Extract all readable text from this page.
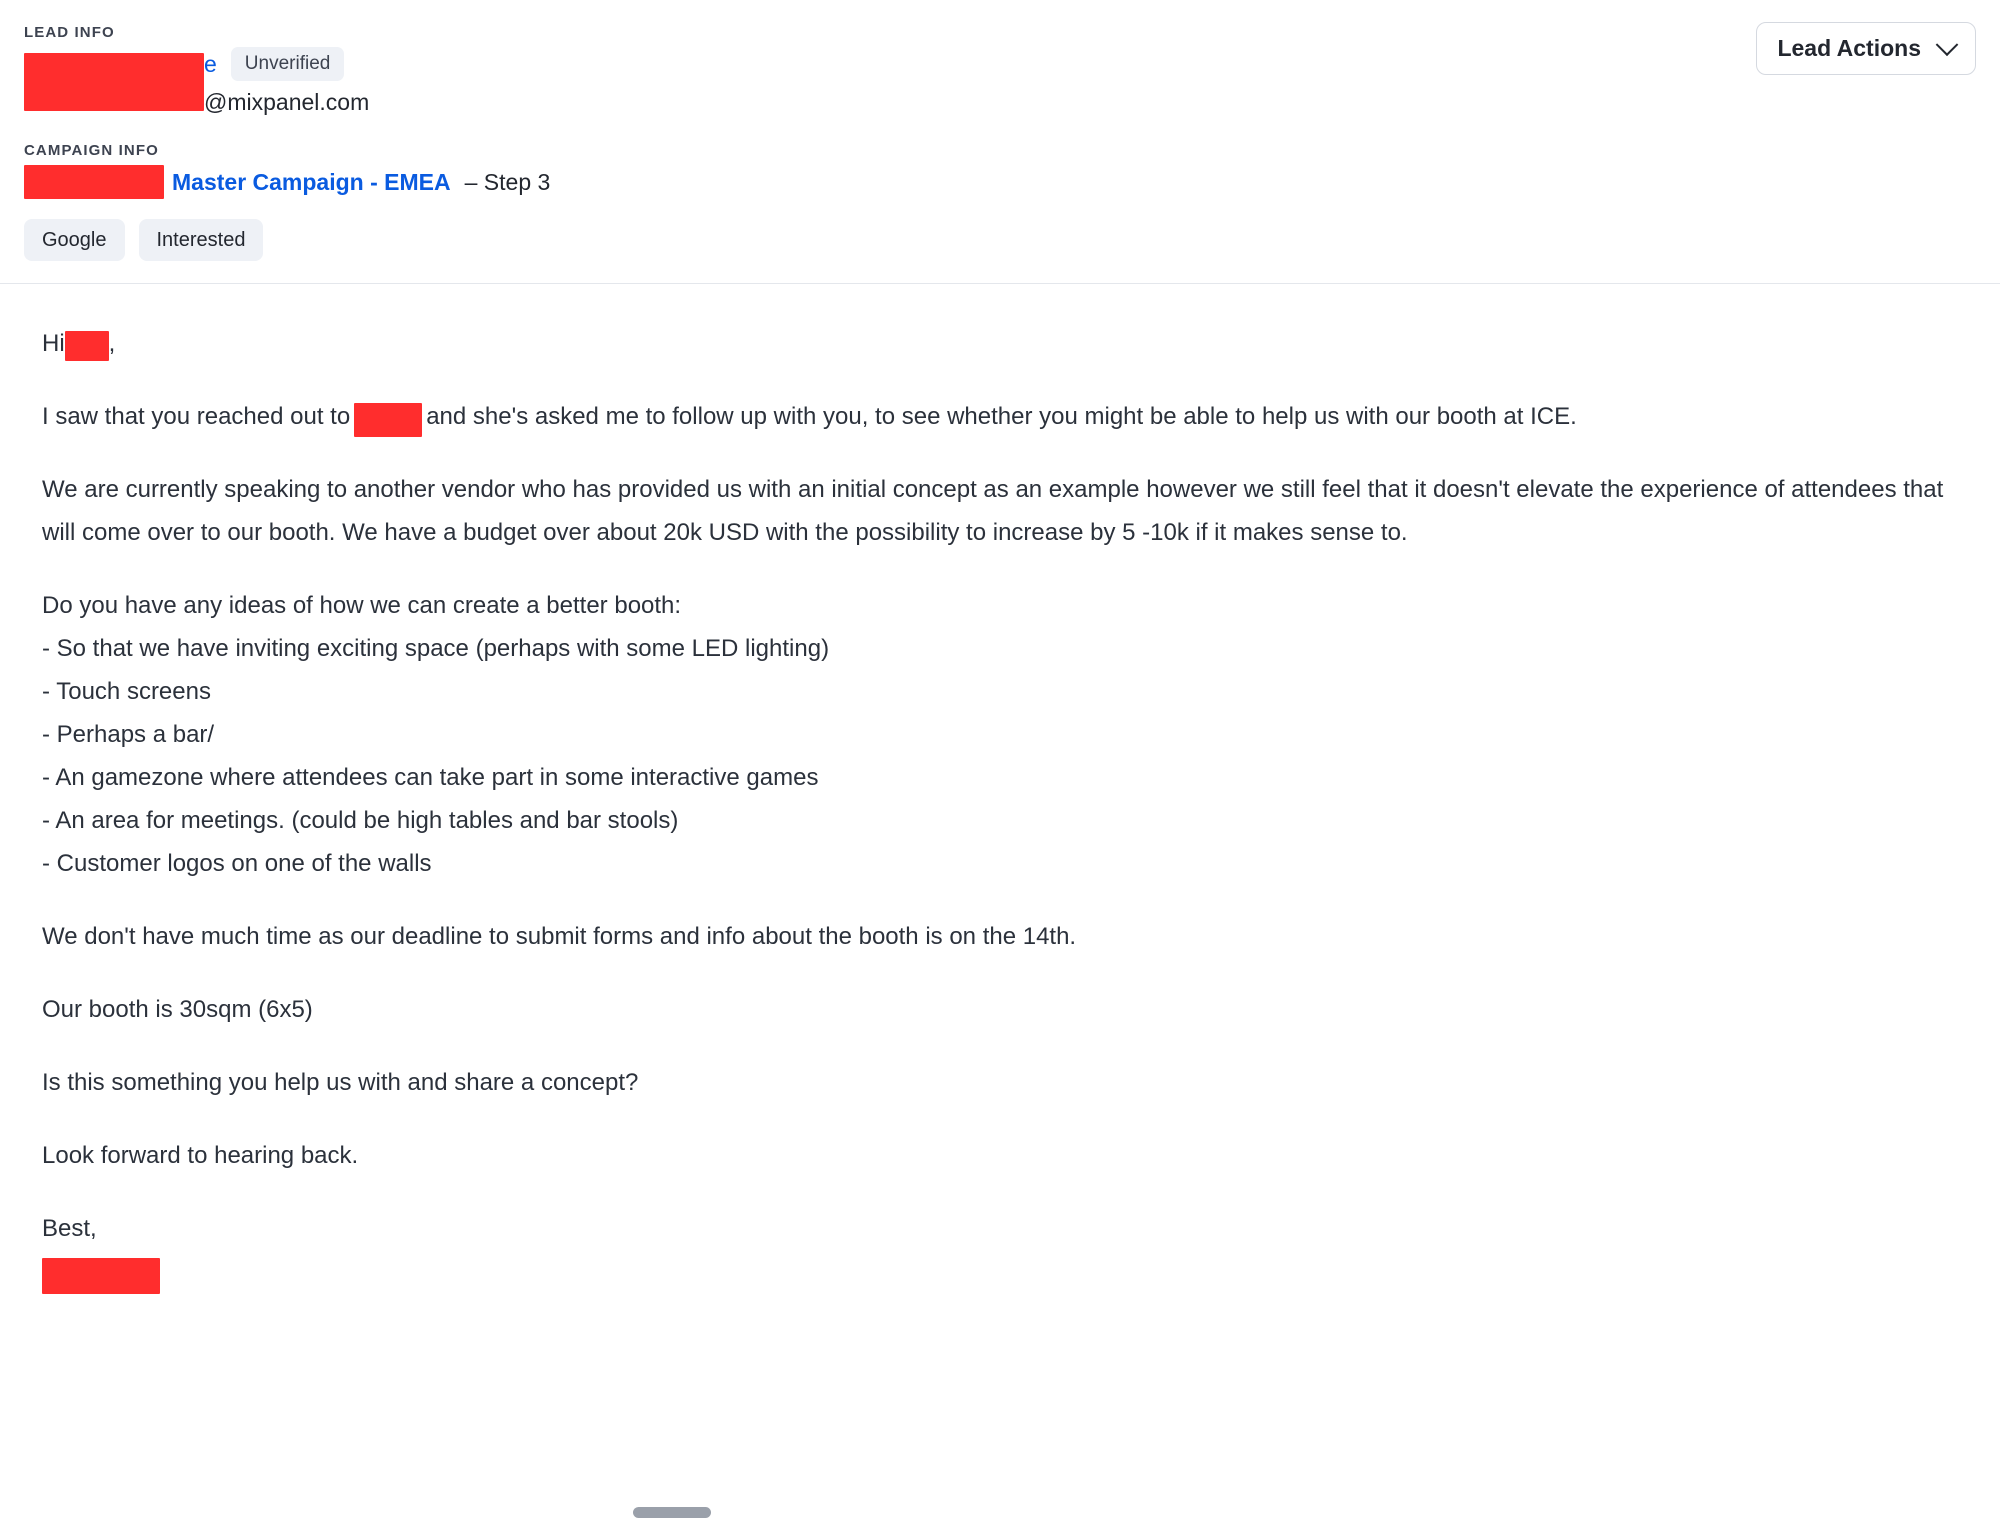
LEAD INFO
e	Unverified
@mixpanel.com
CAMPAIGN INFO
Master Campaign - EMEA – Step 3
Google	Interested
Lead Actions

Hi ,

I saw that you reached out to	and she's asked me to follow up with you, to see whether you might be able to help us with our booth at ICE.

We are currently speaking to another vendor who has provided us with an initial concept as an example however we still feel that it doesn't elevate the experience of attendees that will come over to our booth. We have a budget over about 20k USD with the possibility to increase by 5 -10k if it makes sense to.

Do you have any ideas of how we can create a better booth:

- So that we have inviting exciting space (perhaps with some LED lighting)

- Touch screens

- Perhaps a bar/

- An gamezone where attendees can take part in some interactive games

- An area for meetings. (could be high tables and bar stools)

- Customer logos on one of the walls

We don't have much time as our deadline to submit forms and info about the booth is on the 14th.

Our booth is 30sqm (6x5)

Is this something you help us with and share a concept?

Look forward to hearing back.

Best,
